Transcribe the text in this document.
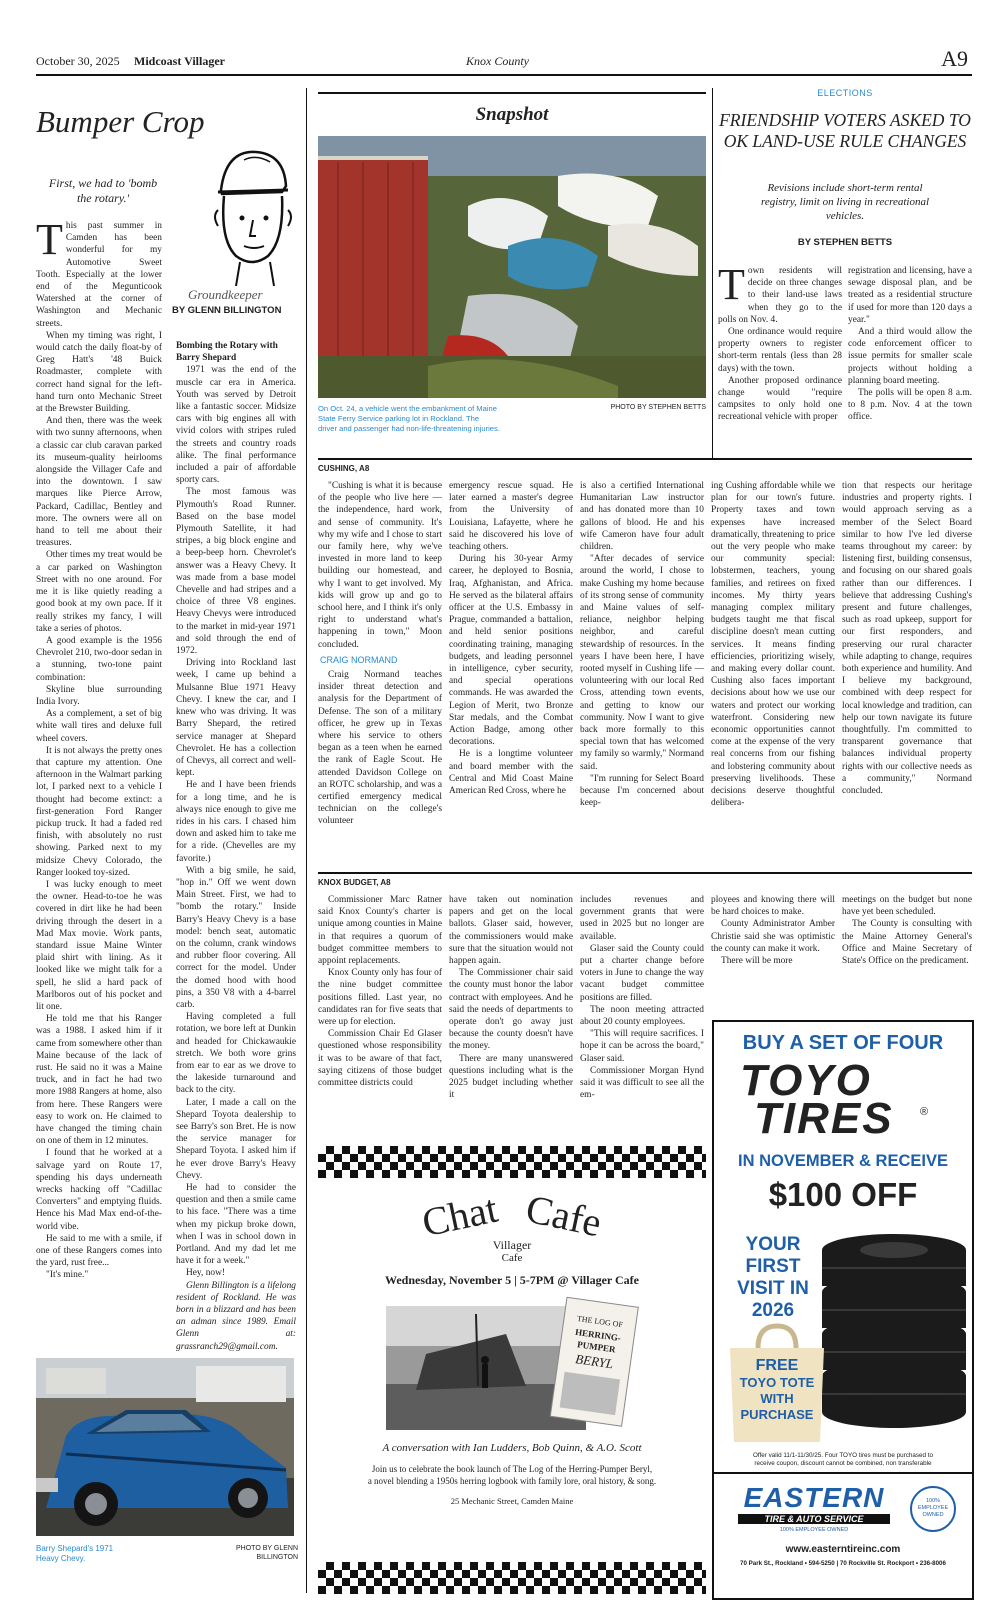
October 30, 2025 Midcoast Villager	Knox County	A9
Bumper Crop
First, we had to 'bomb the rotary.'
Groundkeeper
BY GLENN BILLINGTON

This past summer in Camden has been wonderful for my Automotive Sweet Tooth. Especially at the lower end of the Megunticook Watershed at the corner of Washington and Mechanic streets.

When my timing was right, I would catch the daily float-by of Greg Hatt's '48 Buick Roadmaster, complete with correct hand signal for the left-hand turn onto Mechanic Street at the Brewster Building.

And then, there was the week with two sunny afternoons, when a classic car club caravan parked its museum-quality heirlooms alongside the Villager Cafe and into the downtown. I saw marques like Pierce Arrow, Packard, Cadillac, Bentley and more. The owners were all on hand to tell me about their treasures.

Other times my treat would be a car parked on Washington Street with no one around. For me it is like quietly reading a good book at my own pace. If it really strikes my fancy, I will take a series of photos.

A good example is the 1956 Chevrolet 210, two-door sedan in a stunning, two-tone paint combination:

Skyline blue surrounding India Ivory.

As a complement, a set of big white wall tires and deluxe full wheel covers.

It is not always the pretty ones that capture my attention. One afternoon in the Walmart parking lot, I parked next to a vehicle I thought had become extinct: a first-generation Ford Ranger pickup truck. It had a faded red finish, with absolutely no rust showing. Parked next to my midsize Chevy Colorado, the Ranger looked toy-sized.

I was lucky enough to meet the owner. Head-to-toe he was covered in dirt like he had been driving through the desert in a Mad Max movie. Work pants, standard issue Maine Winter plaid shirt with lining. As it looked like we might talk for a spell, he slid a hard pack of Marlboros out of his pocket and lit one.

He told me that his Ranger was a 1988. I asked him if it came from somewhere other than Maine because of the lack of rust. He said no it was a Maine truck, and in fact he had two more 1988 Rangers at home, also from here. These Rangers were easy to work on. He claimed to have changed the timing chain on one of them in 12 minutes.

I found that he worked at a salvage yard on Route 17, spending his days underneath wrecks hacking off "Cadillac Converters" and emptying fluids. Hence his Mad Max end-of-the-world vibe.

He said to me with a smile, if one of these Rangers comes into the yard, rust free...

"It's mine."

Bombing the Rotary with Barry Shepard

1971 was the end of the muscle car era in America. Youth was served by Detroit like a fantastic soccer. Midsize cars with big engines all with vivid colors with stripes ruled the streets and country roads alike. The final performance included a pair of affordable sporty cars.

The most famous was Plymouth's Road Runner. Based on the base model Plymouth Satellite, it had stripes, a big block engine and a beep-beep horn. Chevrolet's answer was a Heavy Chevy. It was made from a base model Chevelle and had stripes and a choice of three V8 engines. Heavy Chevys were introduced to the market in mid-year 1971 and sold through the end of 1972.

Driving into Rockland last week, I came up behind a Mulsanne Blue 1971 Heavy Chevy. I knew the car, and I knew who was driving. It was Barry Shepard, the retired service manager at Shepard Chevrolet. He has a collection of Chevys, all correct and well-kept.

He and I have been friends for a long time, and he is always nice enough to give me rides in his cars. I chased him down and asked him to take me for a ride. (Chevelles are my favorite.)

With a big smile, he said, "hop in." Off we went down Main Street. First, we had to "bomb the rotary." Inside Barry's Heavy Chevy is a base model: bench seat, automatic on the column, crank windows and rubber floor covering. All correct for the model. Under the domed hood with hood pins, a 350 V8 with a 4-barrel carb.

Having completed a full rotation, we bore left at Dunkin and headed for Chickawaukie stretch. We both wore grins from ear to ear as we drove to the lakeside turnaround and back to the city.

Later, I made a call on the Shepard Toyota dealership to see Barry's son Bret. He is now the service manager for Shepard Toyota. I asked him if he ever drove Barry's Heavy Chevy.

He had to consider the question and then a smile came to his face. "There was a time when my pickup broke down, when I was in school down in Portland. And my dad let me have it for a week."

Hey, now!

Glenn Billington is a lifelong resident of Rockland. He was born in a blizzard and has been an adman since 1989. Email Glenn at: grassranch29@gmail.com.

Barry Shepard's 1971 Heavy Chevy.
PHOTO BY GLENN BILLINGTON
Snapshot
On Oct. 24, a vehicle went the embankment of Maine State Ferry Service parking lot in Rockland. The driver and passenger had non-life-threatening injuries.
PHOTO BY STEPHEN BETTS
ELECTIONS
FRIENDSHIP VOTERS ASKED TO OK LAND-USE RULE CHANGES
Revisions include short-term rental registry, limit on living in recreational vehicles.
BY STEPHEN BETTS

Town residents will decide on three changes to their land-use laws when they go to the polls on Nov. 4.

One ordinance would require property owners to register short-term rentals (less than 28 days) with the town.

Another proposed ordinance change would "require campsites to only hold one recreational vehicle with proper

registration and licensing, have a sewage disposal plan, and be treated as a residential structure if used for more than 120 days a year."

And a third would allow the code enforcement officer to issue permits for smaller scale projects without holding a planning board meeting.

The polls will be open 8 a.m. to 8 p.m. Nov. 4 at the town office.

CUSHING, A8

"Cushing is what it is because of the people who live here — the independence, hard work, and sense of community. It's why my wife and I chose to start our family here, why we've invested in more land to keep building our homestead, and why I want to get involved. My kids will grow up and go to school here, and I think it's only right to understand what's happening in town," Moon concluded.

CRAIG NORMAND

Craig Normand teaches insider threat detection and analysis for the Department of Defense. The son of a military officer, he grew up in Texas where his service to others began as a teen when he earned the rank of Eagle Scout. He attended Davidson College on an ROTC scholarship, and was a certified emergency medical technician on the college's volunteer

emergency rescue squad. He later earned a master's degree from the University of Louisiana, Lafayette, where he said he discovered his love of teaching others.

During his 30-year Army career, he deployed to Bosnia, Iraq, Afghanistan, and Africa. He served as the bilateral affairs officer at the U.S. Embassy in Prague, commanded a battalion, and held senior positions coordinating training, managing budgets, and leading personnel in intelligence, cyber security, and special operations commands. He was awarded the Legion of Merit, two Bronze Star medals, and the Combat Action Badge, among other decorations.

He is a longtime volunteer and board member with the Central and Mid Coast Maine American Red Cross, where he

is also a certified International Humanitarian Law instructor and has donated more than 10 gallons of blood. He and his wife Cameron have four adult children.

"After decades of service around the world, I chose to make Cushing my home because of its strong sense of community and Maine values of self-reliance, neighbor helping neighbor, and careful stewardship of resources. In the years I have been here, I have rooted myself in Cushing life — volunteering with our local Red Cross, attending town events, and getting to know our community. Now I want to give back more formally to this special town that has welcomed my family so warmly," Normand said.

"I'm running for Select Board because I'm concerned about keep-

ing Cushing affordable while we plan for our town's future. Property taxes and town expenses have increased dramatically, threatening to price out the very people who make our community special: lobstermen, teachers, young families, and retirees on fixed incomes. My thirty years managing complex military budgets taught me that fiscal discipline doesn't mean cutting services. It means finding efficiencies, prioritizing wisely, and making every dollar count. Cushing also faces important decisions about how we use our waters and protect our working waterfront. Considering new economic opportunities cannot come at the expense of the very real concerns from our fishing and lobstering community about preserving livelihoods. These decisions deserve thoughtful delibera-

tion that respects our heritage industries and property rights. I would approach serving as a member of the Select Board similar to how I've led diverse teams throughout my career: by listening first, building consensus, and focusing on our shared goals rather than our differences. I believe that addressing Cushing's present and future challenges, such as road upkeep, support for our first responders, and preserving our rural character while adapting to change, requires both experience and humility. And I believe my background, combined with deep respect for local knowledge and tradition, can help our town navigate its future thoughtfully. I'm committed to transparent governance that balances individual property rights with our collective needs as a community," Normand concluded.

KNOX BUDGET, A8

Commissioner Marc Ratner said Knox County's charter is unique among counties in Maine in that requires a quorum of budget committee members to appoint replacements.

Knox County only has four of the nine budget committee positions filled. Last year, no candidates ran for five seats that were up for election.

Commission Chair Ed Glaser questioned whose responsibility it was to be aware of that fact, saying citizens of those budget committee districts could

have taken out nomination papers and get on the local ballots. Glaser said, however, the commissioners would make sure that the situation would not happen again.

The Commissioner chair said the county must honor the labor contract with employees. And he said the needs of departments to operate don't go away just because the county doesn't have the money.

There are many unanswered questions including what is the 2025 budget including whether it

includes revenues and government grants that were used in 2025 but no longer are available.

Glaser said the County could put a charter change before voters in June to change the way vacant budget committee positions are filled.

The noon meeting attracted about 20 county employees.

"This will require sacrifices. I hope it can be across the board," Glaser said.

Commissioner Morgan Hynd said it was difficult to see all the em-

ployees and knowing there will be hard choices to make.

County Administrator Amber Christie said she was optimistic the county can make it work.

There will be more

meetings on the budget but none have yet been scheduled.

The County is consulting with the Maine Attorney General's Office and Maine Secretary of State's Office on the predicament.

Chat Cafe
Villager
Cafe
Wednesday, November 5 | 5-7PM @ Villager Cafe
THE LOG OF
HERRING-
PUMPER
BERYL
A conversation with Ian Ludders, Bob Quinn, & A.O. Scott
Join us to celebrate the book launch of The Log of the Herring-Pumper Beryl,
a novel blending a 1950s herring logbook with family lore, oral history, & song.
25 Mechanic Street, Camden Maine
BUY A SET OF FOUR
TOYO
TIRES ®
IN NOVEMBER & RECEIVE
$100 OFF
YOUR
FIRST
VISIT IN
2026
FREE
TOYO TOTE
WITH
PURCHASE
Offer valid 11/1-11/30/25. Four TOYO tires must be purchased to
receive coupon, discount cannot be combined, non transferable
EASTERN
TIRE & AUTO SERVICE
100% EMPLOYEE OWNED
100% EMPLOYEE OWNED
www.easterntireinc.com
70 Park St., Rockland • 594-5250 | 70 Rockville St. Rockport • 236-8006
